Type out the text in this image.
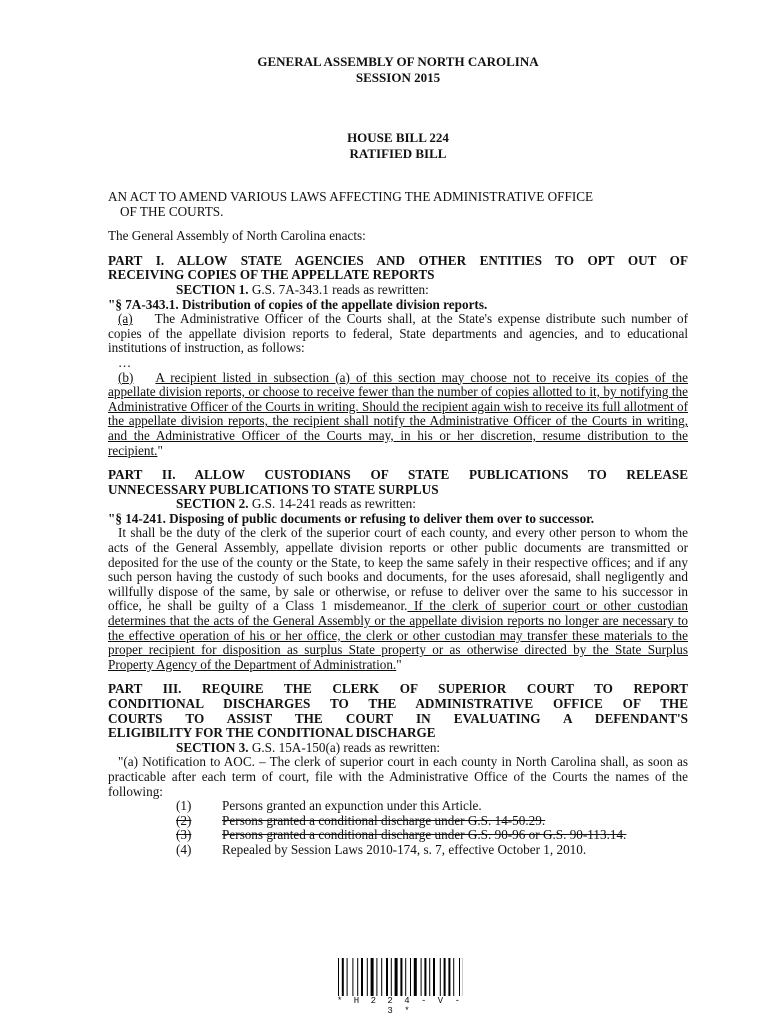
GENERAL ASSEMBLY OF NORTH CAROLINA
SESSION 2015
HOUSE BILL 224
RATIFIED BILL

AN ACT TO AMEND VARIOUS LAWS AFFECTING THE ADMINISTRATIVE OFFICE
OF THE COURTS.

The General Assembly of North Carolina enacts:

PART I. ALLOW STATE AGENCIES AND OTHER ENTITIES TO OPT OUT OF

RECEIVING COPIES OF THE APPELLATE REPORTS

SECTION 1. G.S. 7A-343.1 reads as rewritten:

"§ 7A-343.1. Distribution of copies of the appellate division reports.

(a) The Administrative Officer of the Courts shall, at the State's expense distribute such number of copies of the appellate division reports to federal, State departments and agencies, and to educational institutions of instruction, as follows:

…

(b) A recipient listed in subsection (a) of this section may choose not to receive its copies of the appellate division reports, or choose to receive fewer than the number of copies allotted to it, by notifying the Administrative Officer of the Courts in writing. Should the recipient again wish to receive its full allotment of the appellate division reports, the recipient shall notify the Administrative Officer of the Courts in writing, and the Administrative Officer of the Courts may, in his or her discretion, resume distribution to the recipient."

PART II. ALLOW CUSTODIANS OF STATE PUBLICATIONS TO RELEASE

UNNECESSARY PUBLICATIONS TO STATE SURPLUS

SECTION 2. G.S. 14-241 reads as rewritten:

"§ 14-241. Disposing of public documents or refusing to deliver them over to successor.

It shall be the duty of the clerk of the superior court of each county, and every other person to whom the acts of the General Assembly, appellate division reports or other public documents are transmitted or deposited for the use of the county or the State, to keep the same safely in their respective offices; and if any such person having the custody of such books and documents, for the uses aforesaid, shall negligently and willfully dispose of the same, by sale or otherwise, or refuse to deliver over the same to his successor in office, he shall be guilty of a Class 1 misdemeanor. If the clerk of superior court or other custodian determines that the acts of the General Assembly or the appellate division reports no longer are necessary to the effective operation of his or her office, the clerk or other custodian may transfer these materials to the proper recipient for disposition as surplus State property or as otherwise directed by the State Surplus Property Agency of the Department of Administration."

PART III. REQUIRE THE CLERK OF SUPERIOR COURT TO REPORT

CONDITIONAL DISCHARGES TO THE ADMINISTRATIVE OFFICE OF THE

COURTS TO ASSIST THE COURT IN EVALUATING A DEFENDANT'S

ELIGIBILITY FOR THE CONDITIONAL DISCHARGE

SECTION 3. G.S. 15A-150(a) reads as rewritten:

"(a) Notification to AOC. – The clerk of superior court in each county in North Carolina shall, as soon as practicable after each term of court, file with the Administrative Office of the Courts the names of the following:

(1)	Persons granted an expunction under this Article.
(2)	Persons granted a conditional discharge under G.S. 14-50.29.
(3)	Persons granted a conditional discharge under G.S. 90-96 or G.S. 90-113.14.
(4)	Repealed by Session Laws 2010-174, s. 7, effective October 1, 2010.
* H 2 2 4 - V - 3 *
